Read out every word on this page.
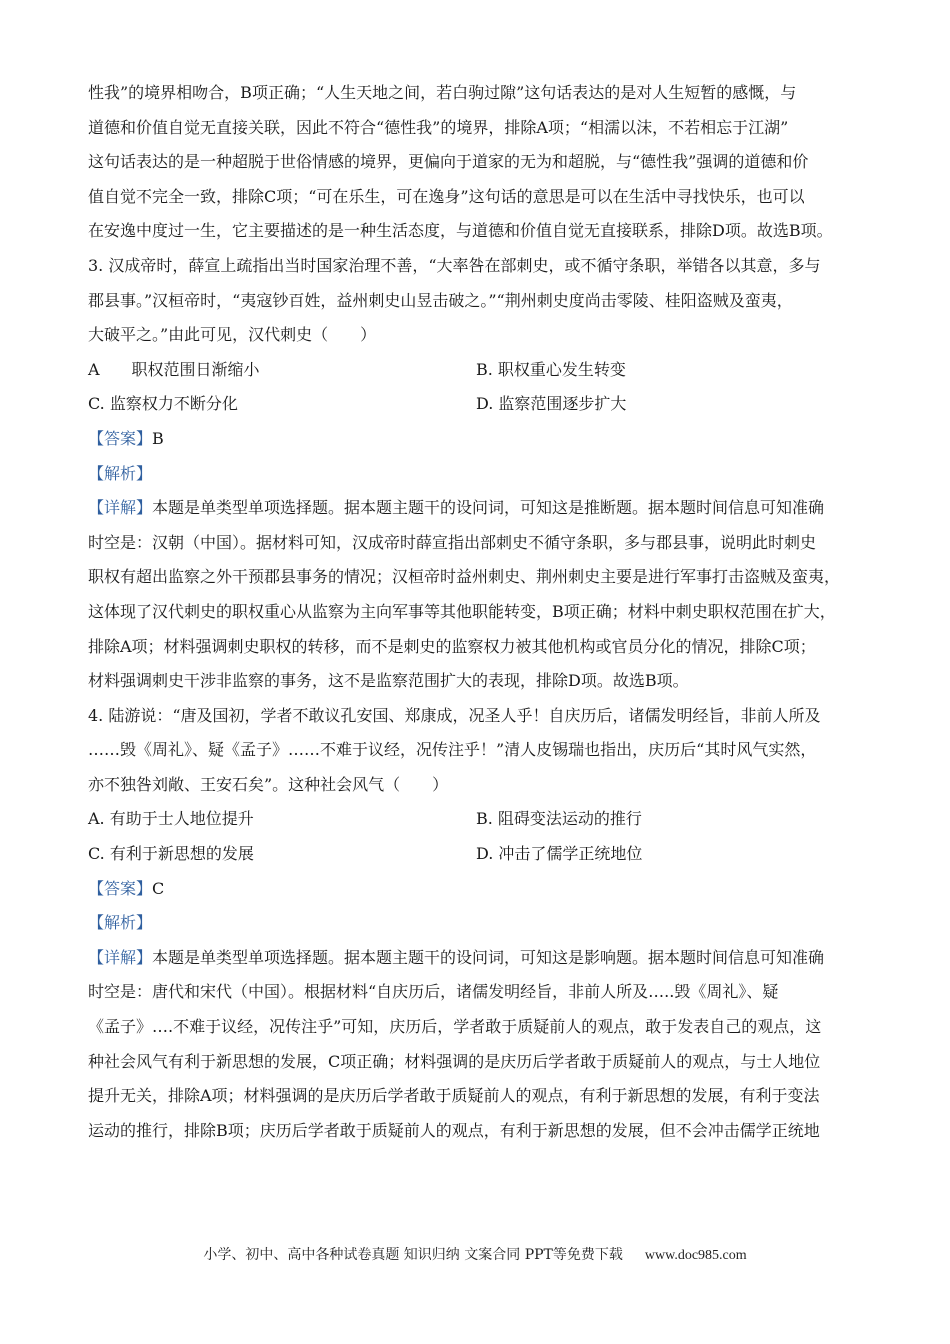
性我”的境界相吻合，B项正确；“人生天地之间，若白驹过隙”这句话表达的是对人生短暂的感慨，与
道德和价值自觉无直接关联，因此不符合“德性我”的境界，排除A项；“相濡以沫，不若相忘于江湖”
这句话表达的是一种超脱于世俗情感的境界，更偏向于道家的无为和超脱，与“德性我”强调的道德和价
值自觉不完全一致，排除C项；“可在乐生，可在逸身”这句话的意思是可以在生活中寻找快乐，也可以
在安逸中度过一生，它主要描述的是一种生活态度，与道德和价值自觉无直接联系，排除D项。故选B项。
3. 汉成帝时，薛宣上疏指出当时国家治理不善，“大率咎在部刺史，或不循守条职，举错各以其意，多与
郡县事。”汉桓帝时，“夷寇钞百姓，益州刺史山昱击破之。”“荆州刺史度尚击零陵、桂阳盗贼及蛮夷，
大破平之。”由此可见，汉代刺史（　　）
A　　职权范围日渐缩小	B. 职权重心发生转变
C. 监察权力不断分化	D. 监察范围逐步扩大
【答案】B
【解析】
【详解】本题是单类型单项选择题。据本题主题干的设问词，可知这是推断题。据本题时间信息可知准确
时空是：汉朝（中国）。据材料可知，汉成帝时薛宣指出部刺史不循守条职，多与郡县事，说明此时刺史
职权有超出监察之外干预郡县事务的情况；汉桓帝时益州刺史、荆州刺史主要是进行军事打击盗贼及蛮夷，
这体现了汉代刺史的职权重心从监察为主向军事等其他职能转变，B项正确；材料中刺史职权范围在扩大，
排除A项；材料强调刺史职权的转移，而不是刺史的监察权力被其他机构或官员分化的情况，排除C项；
材料强调刺史干涉非监察的事务，这不是监察范围扩大的表现，排除D项。故选B项。
4. 陆游说：“唐及国初，学者不敢议孔安国、郑康成，况圣人乎！自庆历后，诸儒发明经旨，非前人所及
……毁《周礼》、疑《孟子》……不难于议经，况传注乎！”清人皮锡瑞也指出，庆历后“其时风气实然，
亦不独咎刘敞、王安石矣”。这种社会风气（　　）
A. 有助于士人地位提升	B. 阻碍变法运动的推行
C. 有利于新思想的发展	D. 冲击了儒学正统地位
【答案】C
【解析】
【详解】本题是单类型单项选择题。据本题主题干的设问词，可知这是影响题。据本题时间信息可知准确
时空是：唐代和宋代（中国）。根据材料“自庆历后，诸儒发明经旨，非前人所及…..毁《周礼》、疑
《孟子》….不难于议经，况传注乎”可知，庆历后，学者敢于质疑前人的观点，敢于发表自己的观点，这
种社会风气有利于新思想的发展，C项正确；材料强调的是庆历后学者敢于质疑前人的观点，与士人地位
提升无关，排除A项；材料强调的是庆历后学者敢于质疑前人的观点，有利于新思想的发展，有利于变法
运动的推行，排除B项；庆历后学者敢于质疑前人的观点，有利于新思想的发展，但不会冲击儒学正统地
小学、初中、高中各种试卷真题 知识归纳 文案合同 PPT等免费下载 www.doc985.com
